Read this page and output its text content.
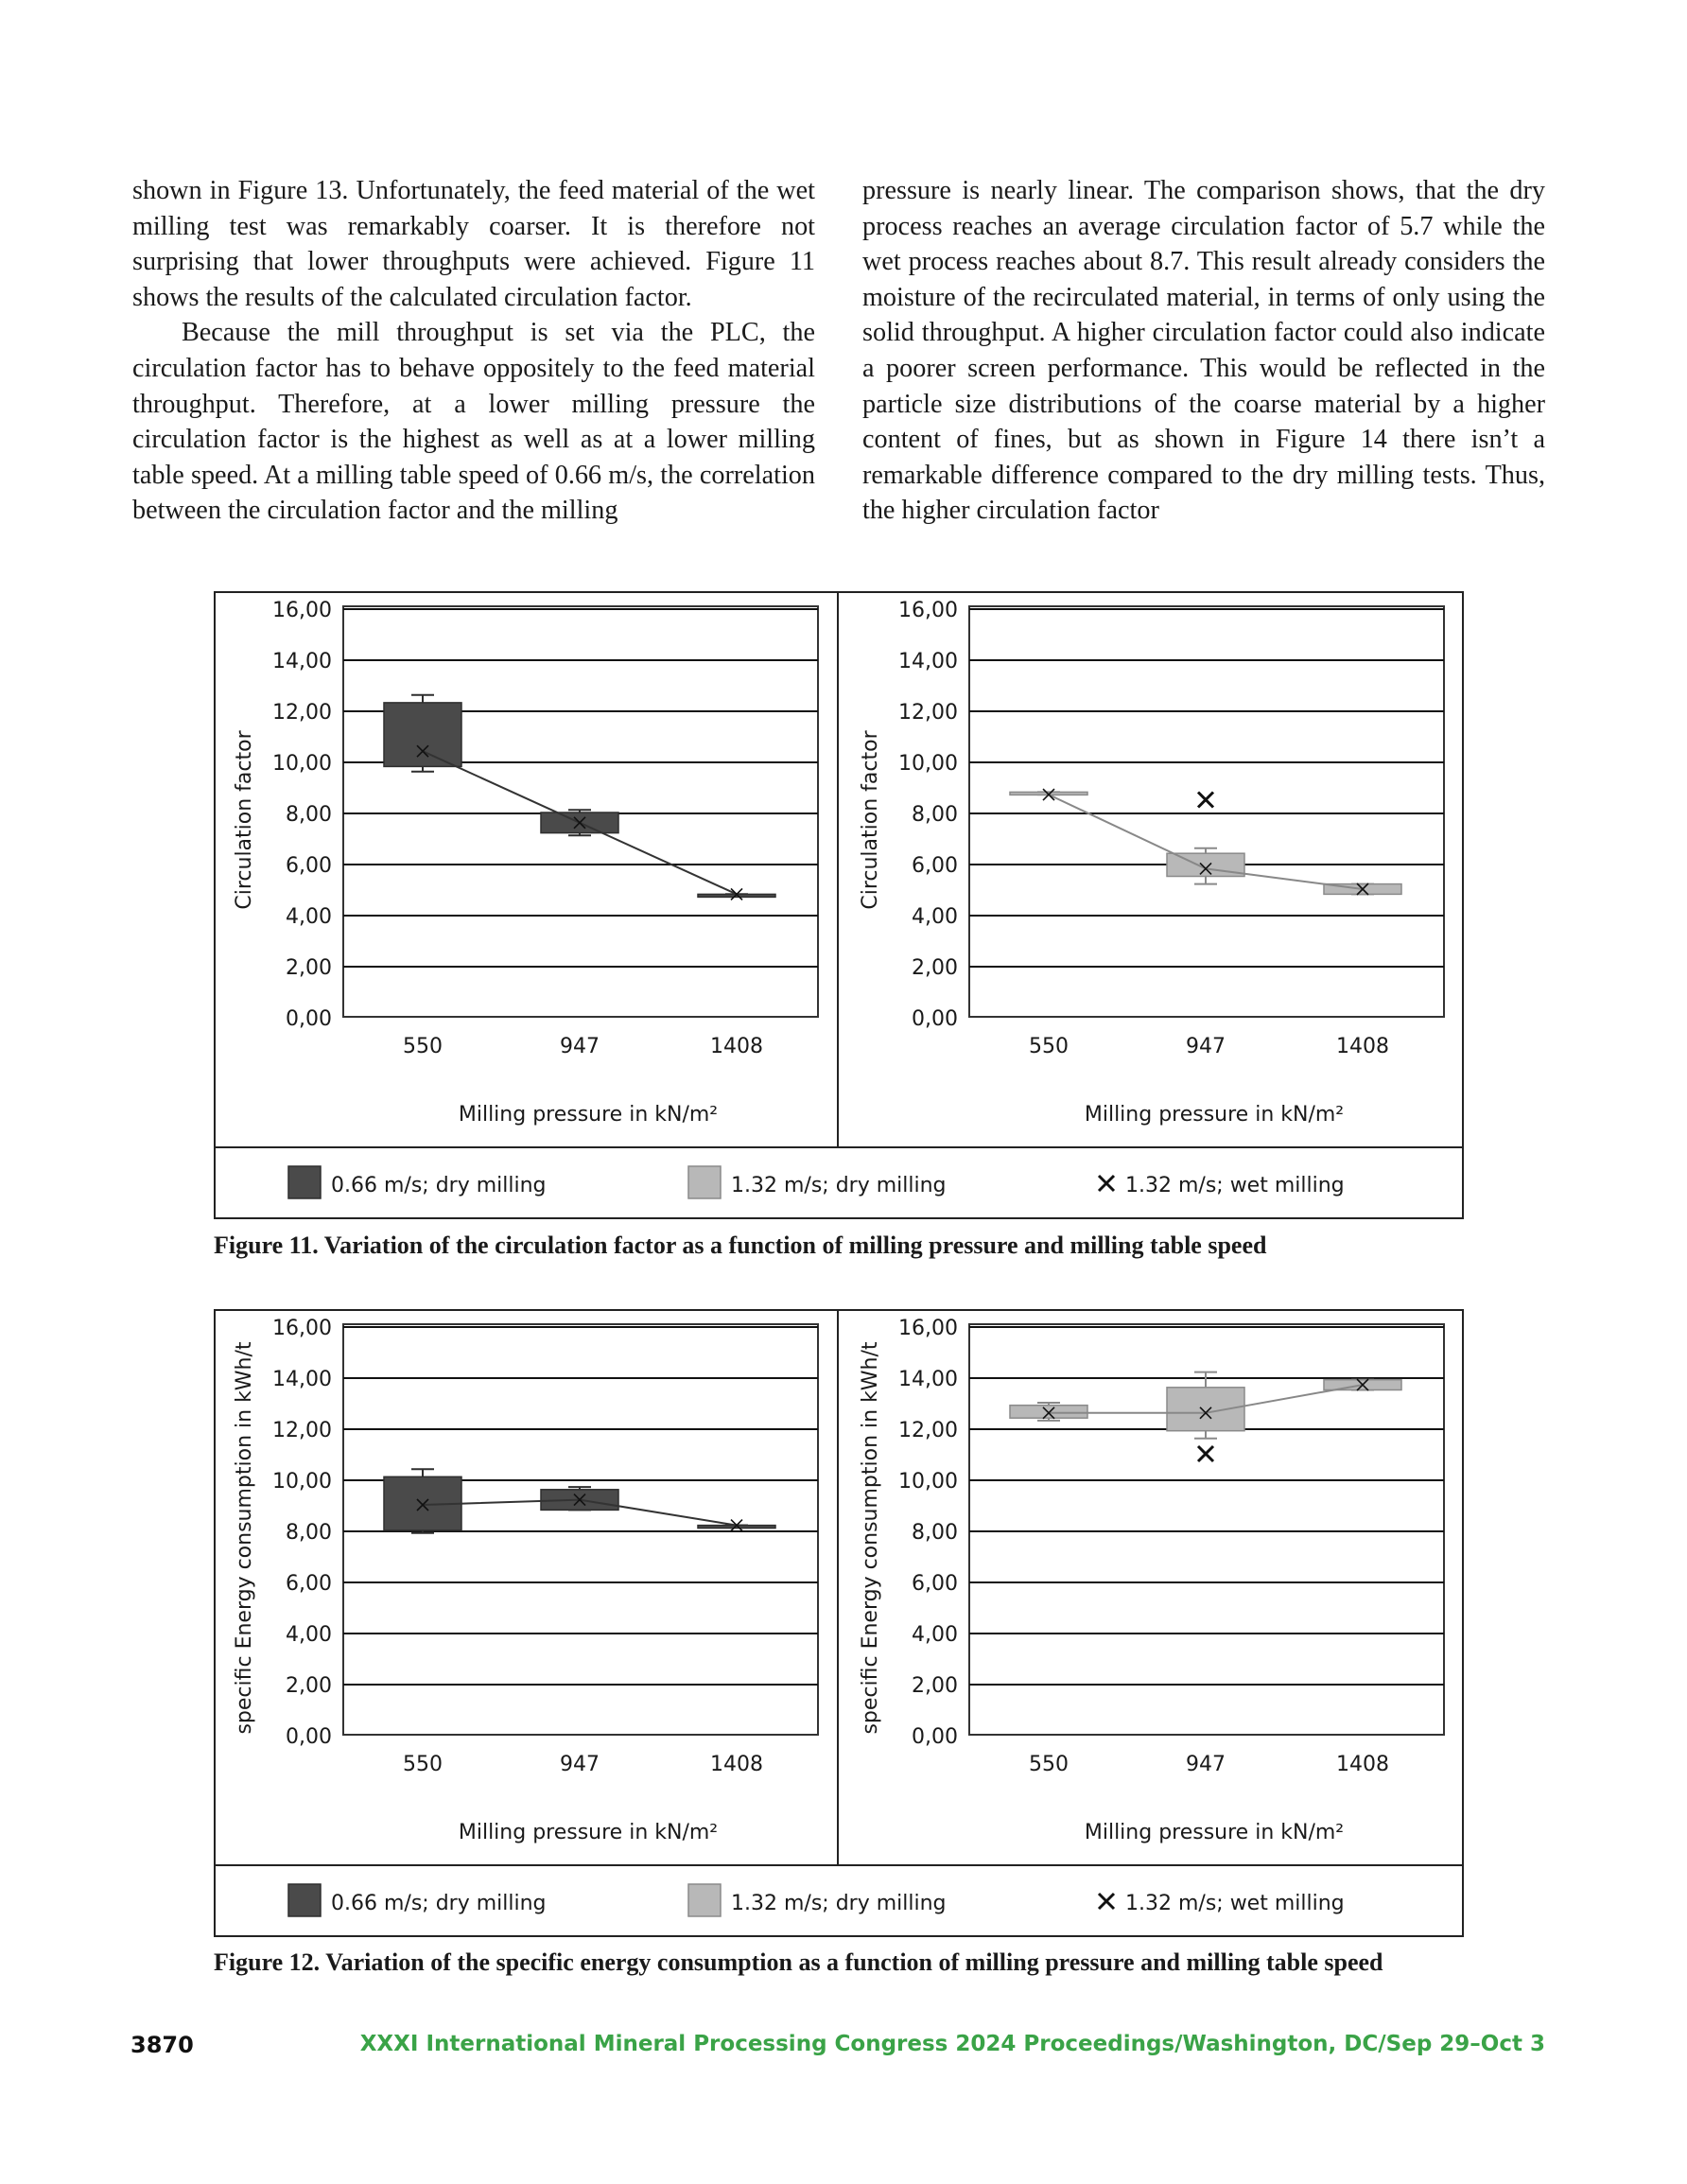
shown in Figure 13. Unfortunately, the feed material of the wet milling test was remarkably coarser. It is therefore not surprising that lower throughputs were achieved. Figure 11 shows the results of the calculated circulation factor.

Because the mill throughput is set via the PLC, the circulation factor has to behave oppositely to the feed material throughput. Therefore, at a lower milling pressure the circulation factor is the highest as well as at a lower milling table speed. At a milling table speed of 0.66 m/s, the correlation between the circulation factor and the milling

pressure is nearly linear. The comparison shows, that the dry process reaches an average circulation factor of 5.7 while the wet process reaches about 8.7. This result already considers the moisture of the recirculated material, in terms of only using the solid throughput. A higher circulation factor could also indicate a poorer screen performance. This would be reflected in the particle size distributions of the coarse material by a higher content of fines, but as shown in Figure 14 there isn’t a remarkable difference compared to the dry milling tests. Thus, the higher circulation factor

0,00
2,00
4,00
6,00
8,00
10,00
12,00
14,00
16,00
550	947	1408
Milling pressure in kN/m²
Circulation factor
0,00
2,00
4,00
6,00
8,00
10,00
12,00
14,00
16,00
550	947	1408
Milling pressure in kN/m²
Circulation factor
0.66 m/s; dry milling	1.32 m/s; dry milling	1.32 m/s; wet milling
Figure 11. Variation of the circulation factor as a function of milling pressure and milling table speed
0,00
2,00
4,00
6,00
8,00
10,00
12,00
14,00
16,00
550	947	1408
Milling pressure in kN/m²
specific Energy consumption in kWh/t
0,00
2,00
4,00
6,00
8,00
10,00
12,00
14,00
16,00
550	947	1408
Milling pressure in kN/m²
specific Energy consumption in kWh/t
0.66 m/s; dry milling	1.32 m/s; dry milling	1.32 m/s; wet milling
Figure 12. Variation of the specific energy consumption as a function of milling pressure and milling table speed
3870	XXXI International Mineral Processing Congress 2024 Proceedings/Washington, DC/Sep 29–Oct 3
